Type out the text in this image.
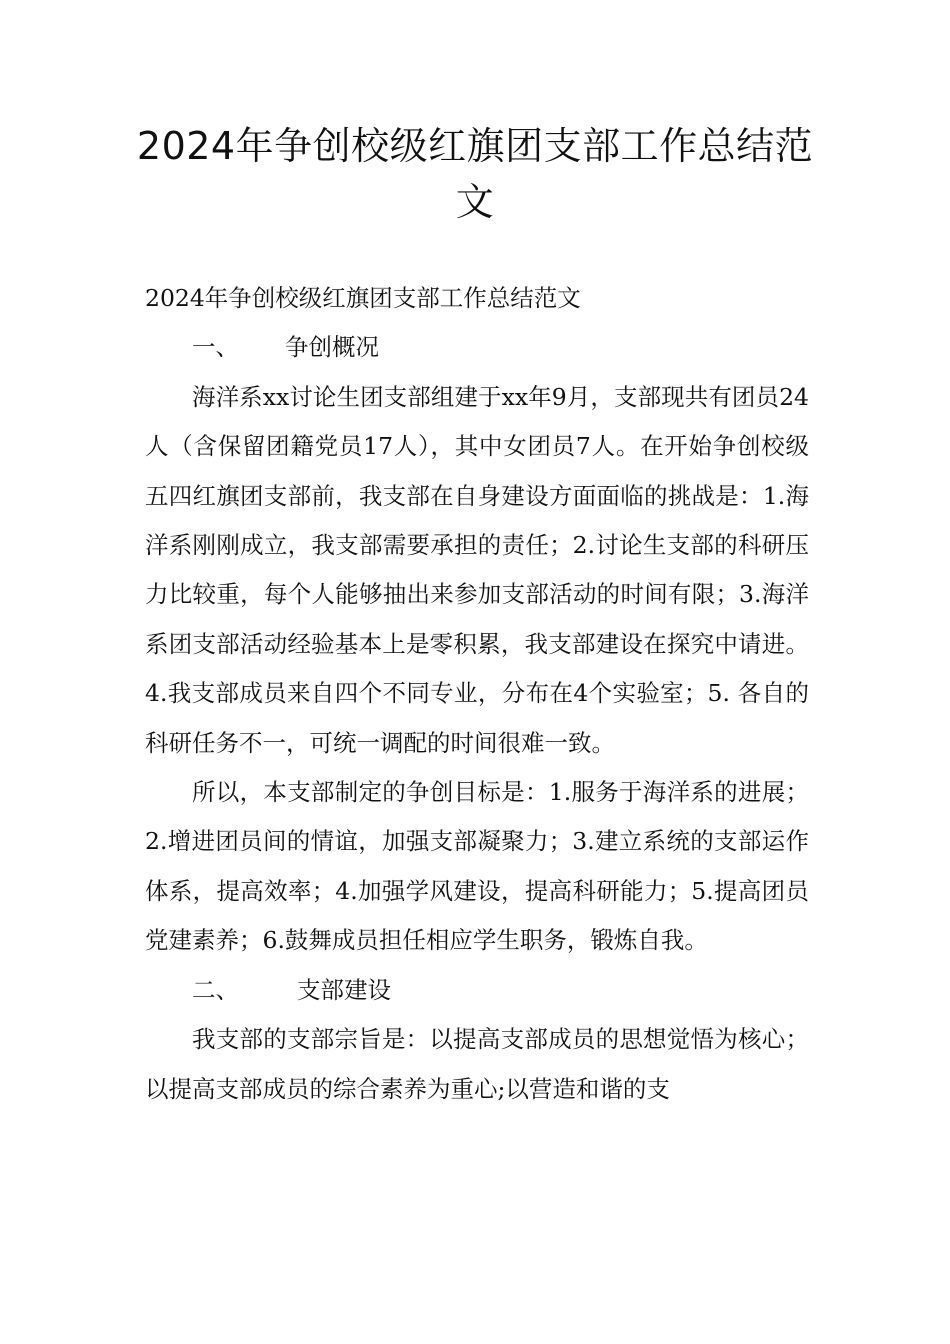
2024年争创校级红旗团支部工作总结范文

2024年争创校级红旗团支部工作总结范文

一、 争创概况

海洋系xx讨论生团支部组建于xx年9月，支部现共有团员24人（含保留团籍党员17人），其中女团员7人。在开始争创校级五四红旗团支部前，我支部在自身建设方面面临的挑战是：1.海洋系刚刚成立，我支部需要承担的责任；2.讨论生支部的科研压力比较重，每个人能够抽出来参加支部活动的时间有限；3.海洋系团支部活动经验基本上是零积累，我支部建设在探究中请进。4.我支部成员来自四个不同专业，分布在4个实验室；5. 各自的科研任务不一，可统一调配的时间很难一致。

所以，本支部制定的争创目标是：1.服务于海洋系的进展；2.增进团员间的情谊，加强支部凝聚力；3.建立系统的支部运作体系，提高效率；4.加强学风建设，提高科研能力；5.提高团员党建素养；6.鼓舞成员担任相应学生职务，锻炼自我。

二、 支部建设

我支部的支部宗旨是：以提高支部成员的思想觉悟为核心；以提高支部成员的综合素养为重心;以营造和谐的支
